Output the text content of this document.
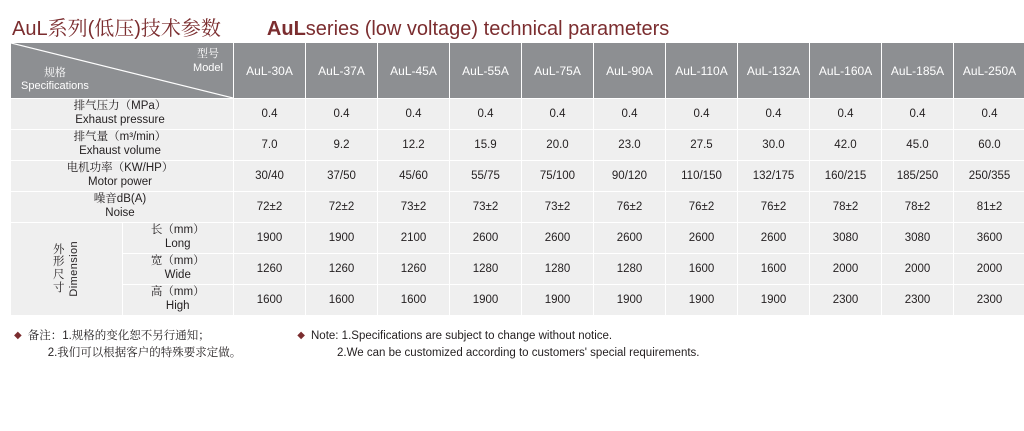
AuL系列(低压)技术参数 AuLseries (low voltage) technical parameters
型号
Model
规格
Specifications		AuL-30A	AuL-37A	AuL-45A	AuL-55A	AuL-75A	AuL-90A	AuL-110A	AuL-132A	AuL-160A	AuL-185A	AuL-250A

排气压力（MPa）
Exhaust pressure		0.4	0.4	0.4	0.4	0.4	0.4	0.4	0.4	0.4	0.4	0.4

排气量（m³/min）
Exhaust volume		7.0	9.2	12.2	15.9	20.0	23.0	27.5	30.0	42.0	45.0	60.0

电机功率（KW/HP）
Motor power		30/40	37/50	45/60	55/75	75/100	90/120	110/150	132/175	160/215	185/250	250/355

噪音dB(A)
Noise		72±2	72±2	73±2	73±2	73±2	76±2	76±2	76±2	78±2	78±2	81±2

外形尺寸 Dimension	长（mm）
Long	1900	1900	2100	2600	2600	2600	2600	2600	3080	3080	3600

	宽（mm）
Wide	1260	1260	1260	1280	1280	1280	1600	1600	2000	2000	2000

	高（mm）
High	1600	1600	1600	1900	1900	1900	1900	1900	2300	2300	2300
◆ 备注：1.规格的变化恕不另行通知；
2.我们可以根据客户的特殊要求定做。
◆ Note: 1.Specifications are subject to change without notice.
2.We can be customized according to customers' special requirements.
